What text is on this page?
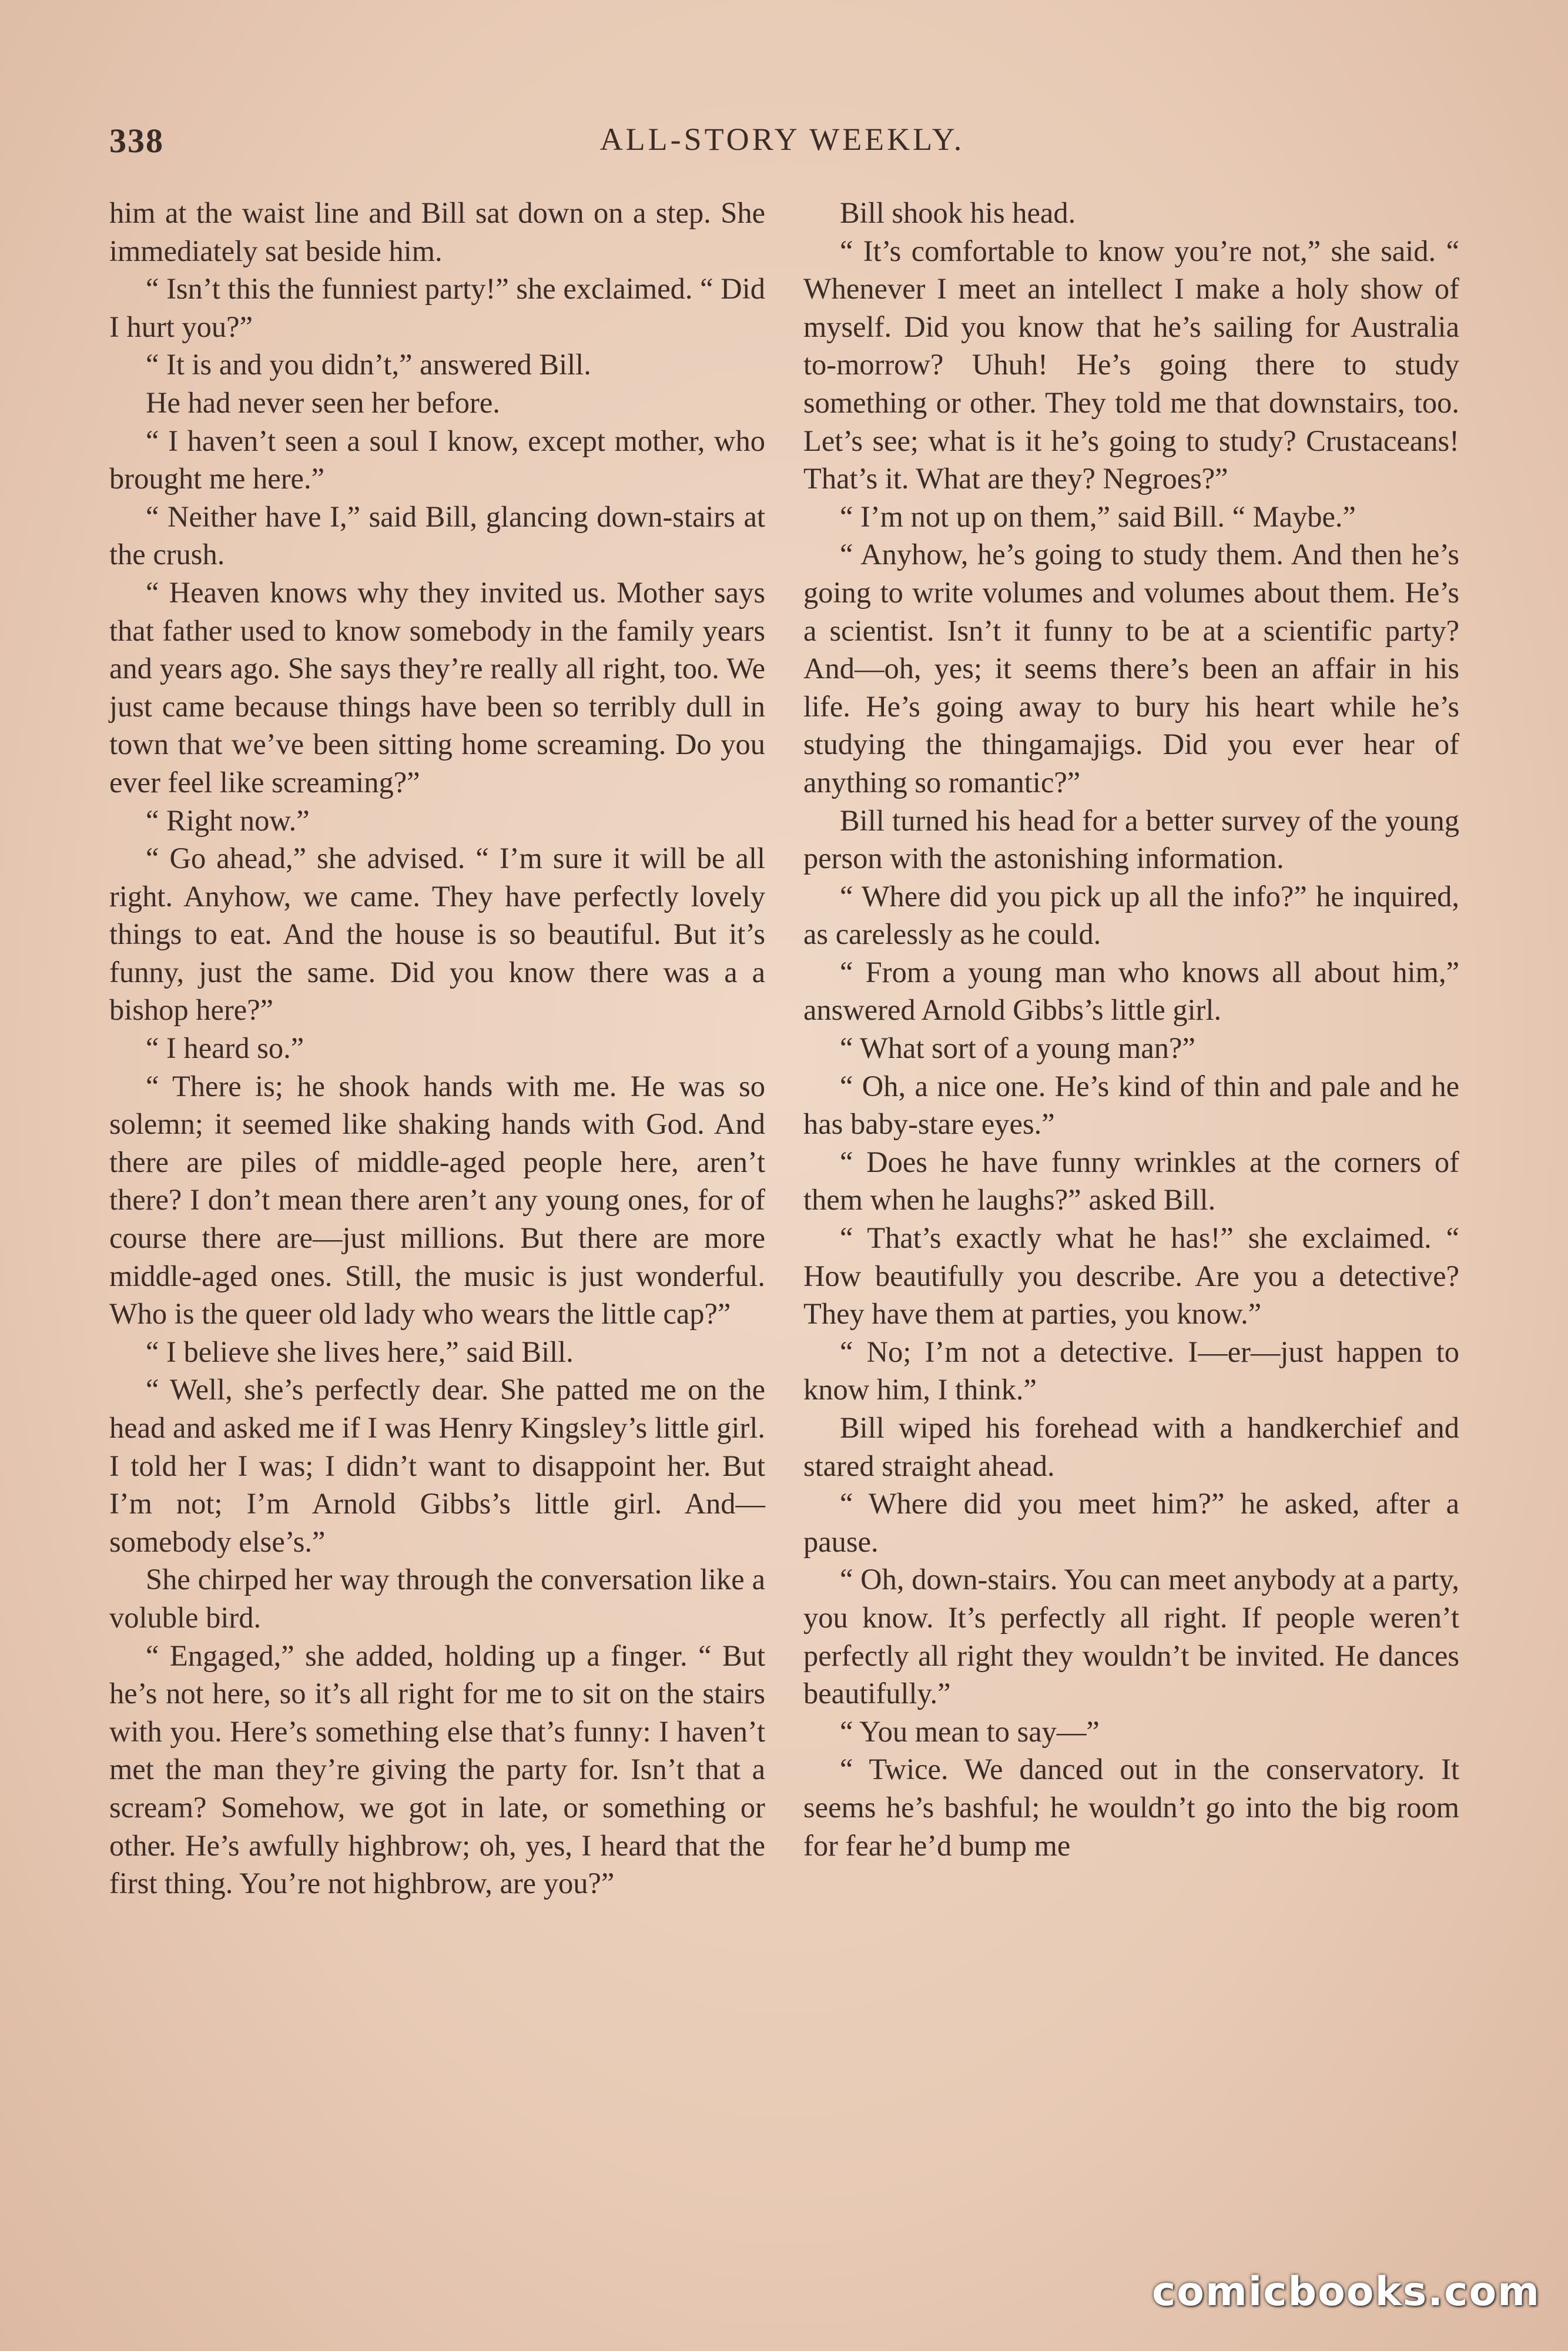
338	ALL-STORY WEEKLY.

him at the waist line and Bill sat down on a step. She immediately sat beside him.

“ Isn’t this the funniest party!” she exclaimed. “ Did I hurt you?”

“ It is and you didn’t,” answered Bill.

He had never seen her before.

“ I haven’t seen a soul I know, except mother, who brought me here.”

“ Neither have I,” said Bill, glancing down-stairs at the crush.

“ Heaven knows why they invited us. Mother says that father used to know somebody in the family years and years ago. She says they’re really all right, too. We just came because things have been so terribly dull in town that we’ve been sitting home screaming. Do you ever feel like screaming?”

“ Right now.”

“ Go ahead,” she advised. “ I’m sure it will be all right. Anyhow, we came. They have perfectly lovely things to eat. And the house is so beautiful. But it’s funny, just the same. Did you know there was a a bishop here?”

“ I heard so.”

“ There is; he shook hands with me. He was so solemn; it seemed like shaking hands with God. And there are piles of middle-aged people here, aren’t there? I don’t mean there aren’t any young ones, for of course there are—just millions. But there are more middle-aged ones. Still, the music is just wonderful. Who is the queer old lady who wears the little cap?”

“ I believe she lives here,” said Bill.

“ Well, she’s perfectly dear. She patted me on the head and asked me if I was Henry Kingsley’s little girl. I told her I was; I didn’t want to disappoint her. But I’m not; I’m Arnold Gibbs’s little girl. And—somebody else’s.”

She chirped her way through the conversation like a voluble bird.

“ Engaged,” she added, holding up a finger. “ But he’s not here, so it’s all right for me to sit on the stairs with you. Here’s something else that’s funny: I haven’t met the man they’re giving the party for. Isn’t that a scream? Somehow, we got in late, or something or other. He’s awfully highbrow; oh, yes, I heard that the first thing. You’re not highbrow, are you?”

Bill shook his head.

“ It’s comfortable to know you’re not,” she said. “ Whenever I meet an intellect I make a holy show of myself. Did you know that he’s sailing for Australia to-morrow? Uhuh! He’s going there to study something or other. They told me that downstairs, too. Let’s see; what is it he’s going to study? Crustaceans! That’s it. What are they? Negroes?”

“ I’m not up on them,” said Bill. “ Maybe.”

“ Anyhow, he’s going to study them. And then he’s going to write volumes and volumes about them. He’s a scientist. Isn’t it funny to be at a scientific party? And—oh, yes; it seems there’s been an affair in his life. He’s going away to bury his heart while he’s studying the thingamajigs. Did you ever hear of anything so romantic?”

Bill turned his head for a better survey of the young person with the astonishing information.

“ Where did you pick up all the info?” he inquired, as carelessly as he could.

“ From a young man who knows all about him,” answered Arnold Gibbs’s little girl.

“ What sort of a young man?”

“ Oh, a nice one. He’s kind of thin and pale and he has baby-stare eyes.”

“ Does he have funny wrinkles at the corners of them when he laughs?” asked Bill.

“ That’s exactly what he has!” she exclaimed. “ How beautifully you describe. Are you a detective? They have them at parties, you know.”

“ No; I’m not a detective. I—er—just happen to know him, I think.”

Bill wiped his forehead with a handkerchief and stared straight ahead.

“ Where did you meet him?” he asked, after a pause.

“ Oh, down-stairs. You can meet anybody at a party, you know. It’s perfectly all right. If people weren’t perfectly all right they wouldn’t be invited. He dances beautifully.”

“ You mean to say—”

“ Twice. We danced out in the conservatory. It seems he’s bashful; he wouldn’t go into the big room for fear he’d bump me

comicbooks.com
